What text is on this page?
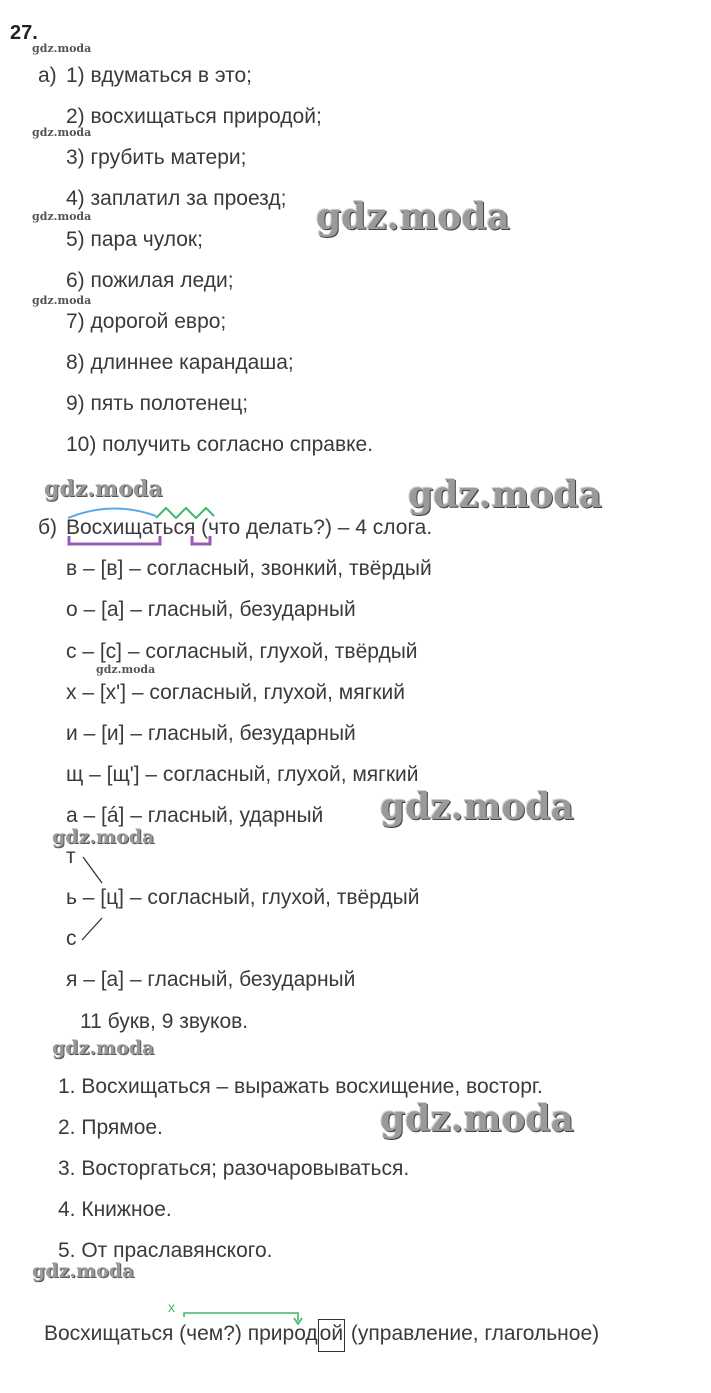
27.
gdz.moda
gdz.moda
gdz.moda
gdz.moda
gdz.moda
gdz.moda
gdz.moda
gdz.moda
gdz.moda
gdz.moda
gdz.moda
gdz.moda
gdz.moda
а) 1) вдуматься в это;
2) восхищаться природой;
3) грубить матери;
4) заплатил за проезд;
5) пара чулок;
6) пожилая леди;
7) дорогой евро;
8) длиннее карандаша;
9) пять полотенец;
10) получить согласно справке.
б) Восхищаться (что делать?) – 4 слога.
в – [в] – согласный, звонкий, твёрдый
о – [а] – гласный, безударный
с – [с] – согласный, глухой, твёрдый
х – [х'] – согласный, глухой, мягкий
и – [и] – гласный, безударный
щ – [щ'] – согласный, глухой, мягкий
а – [á] – гласный, ударный
т
ь – [ц] – согласный, глухой, твёрдый
с
я – [а] – гласный, безударный
11 букв, 9 звуков.
1. Восхищаться – выражать восхищение, восторг.
2. Прямое.
3. Восторгаться; разочаровываться.
4. Книжное.
5. От праславянского.
х
Восхищаться (чем?) природой (управление, глагольное)
